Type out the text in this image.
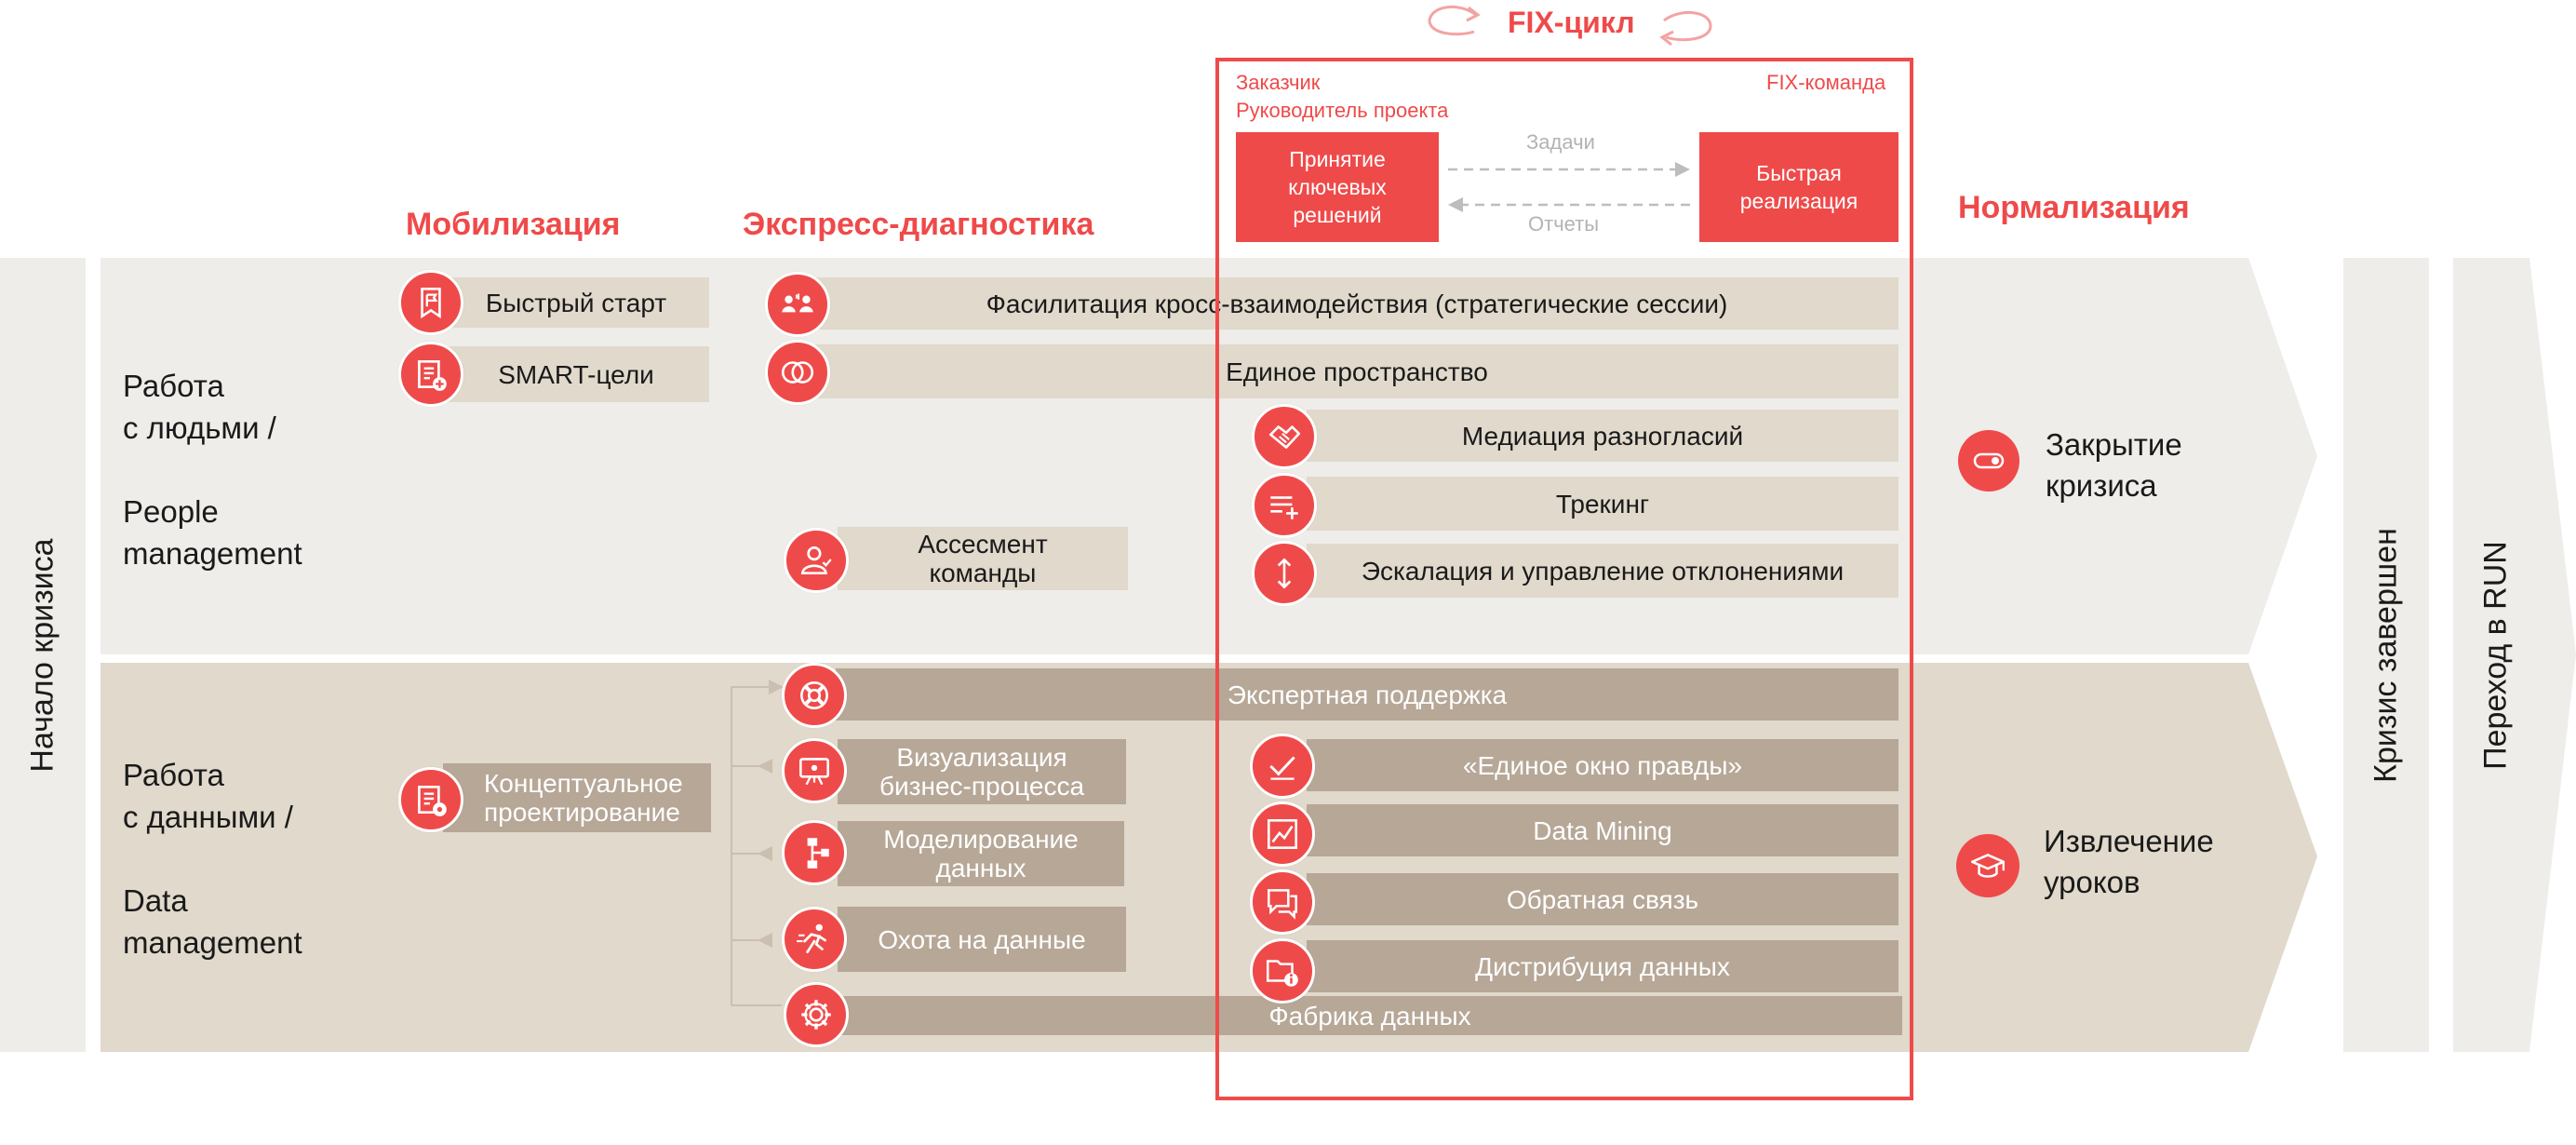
Начало кризиса	Кризис завершен Переход в RUN
FIX-цикл
Мобилизация	Экспресс-диагностика	Нормализация
Работа
с людьми /
People
management
Работа
с данными /
Data
management
Быстрый старт
SMART-цели
Фасилитация кросс-взаимодействия (стратегические сессии)
Единое пространство
Ассесмент команды
Медиация разногласий
Трекинг
Эскалация и управление отклонениями
Концептуальное проектирование
Экспертная поддержка
Визуализация бизнес-процесса
Моделирование данных
Охота на данные
Фабрика данных
«Единое окно правды»
Data Mining
Обратная связь
Дистрибуция данных
Заказчик
Руководитель проекта
FIX-команда
Принятие ключевых решений
Быстрая реализация
Задачи
Отчеты
Закрытие кризиса
Извлечение уроков
